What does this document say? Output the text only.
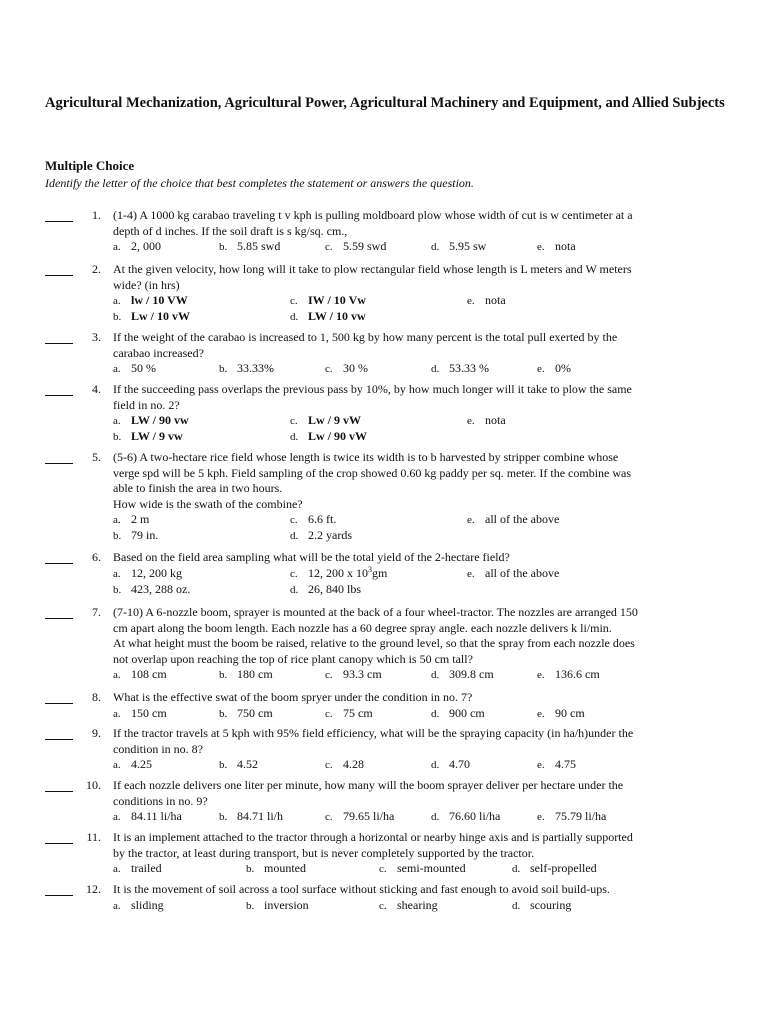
Agricultural Mechanization, Agricultural Power, Agricultural Machinery and Equipment, and Allied Subjects
Multiple Choice

Identify the letter of the choice that best completes the statement or answers the question.

1. (1-4) A 1000 kg carabao traveling t v kph is pulling moldboard plow whose width of cut is w centimeter at a
depth of d inches. If the soil draft is s kg/sq. cm.,
a. 2, 000	b. 5.85 swd	c. 5.59 swd	d. 5.95 sw	e. nota
2. At the given velocity, how long will it take to plow rectangular field whose length is L meters and W meters
wide? (in hrs)
a. lw / 10 VW	c. IW / 10 Vw	e. nota
b. Lw / 10 vW	d. LW / 10 vw
3. If the weight of the carabao is increased to 1, 500 kg by how many percent is the total pull exerted by the
carabao increased?
a. 50 %	b. 33.33%	c. 30 %	d. 53.33 %	e. 0%
4. If the succeeding pass overlaps the previous pass by 10%, by how much longer will it take to plow the same
field in no. 2?
a. LW / 90 vw	c. Lw / 9 vW	e. nota
b. LW / 9 vw	d. Lw / 90 vW
5. (5-6) A two-hectare rice field whose length is twice its width is to b harvested by stripper combine whose
verge spd will be 5 kph. Field sampling of the crop showed 0.60 kg paddy per sq. meter. If the combine was
able to finish the area in two hours.
How wide is the swath of the combine?
a. 2 m	c. 6.6 ft.	e. all of the above
b. 79 in.	d. 2.2 yards
6. Based on the field area sampling what will be the total yield of the 2-hectare field?
a. 12, 200 kg	c. 12, 200 x $10^3gm$	e. all of the above
b. 423, 288 oz.	d. 26, 840 lbs
7. (7-10) A 6-nozzle boom, sprayer is mounted at the back of a four wheel-tractor. The nozzles are arranged 150
cm apart along the boom length. Each nozzle has a 60 degree spray angle. each nozzle delivers k li/min.
At what height must the boom be raised, relative to the ground level, so that the spray from each nozzle does
not overlap upon reaching the top of rice plant canopy which is 50 cm tall?
a. 108 cm	b. 180 cm	c. 93.3 cm	d. 309.8 cm	e. 136.6 cm
8. What is the effective swat of the boom spryer under the condition in no. 7?
a. 150 cm	b. 750 cm	c. 75 cm	d. 900 cm	e. 90 cm
9. If the tractor travels at 5 kph with 95% field efficiency, what will be the spraying capacity (in ha/h)under the
condition in no. 8?
a. 4.25	b. 4.52	c. 4.28	d. 4.70	e. 4.75
10. If each nozzle delivers one liter per minute, how many will the boom sprayer deliver per hectare under the
conditions in no. 9?
a. 84.11 li/ha	b. 84.71 li/h	c. 79.65 li/ha	d. 76.60 li/ha	e. 75.79 li/ha
11. It is an implement attached to the tractor through a horizontal or nearby hinge axis and is partially supported
by the tractor, at least during transport, but is never completely supported by the tractor.
a. trailed	b. mounted	c. semi-mounted	d. self-propelled
12. It is the movement of soil across a tool surface without sticking and fast enough to avoid soil build-ups.
a. sliding	b. inversion	c. shearing	d. scouring
